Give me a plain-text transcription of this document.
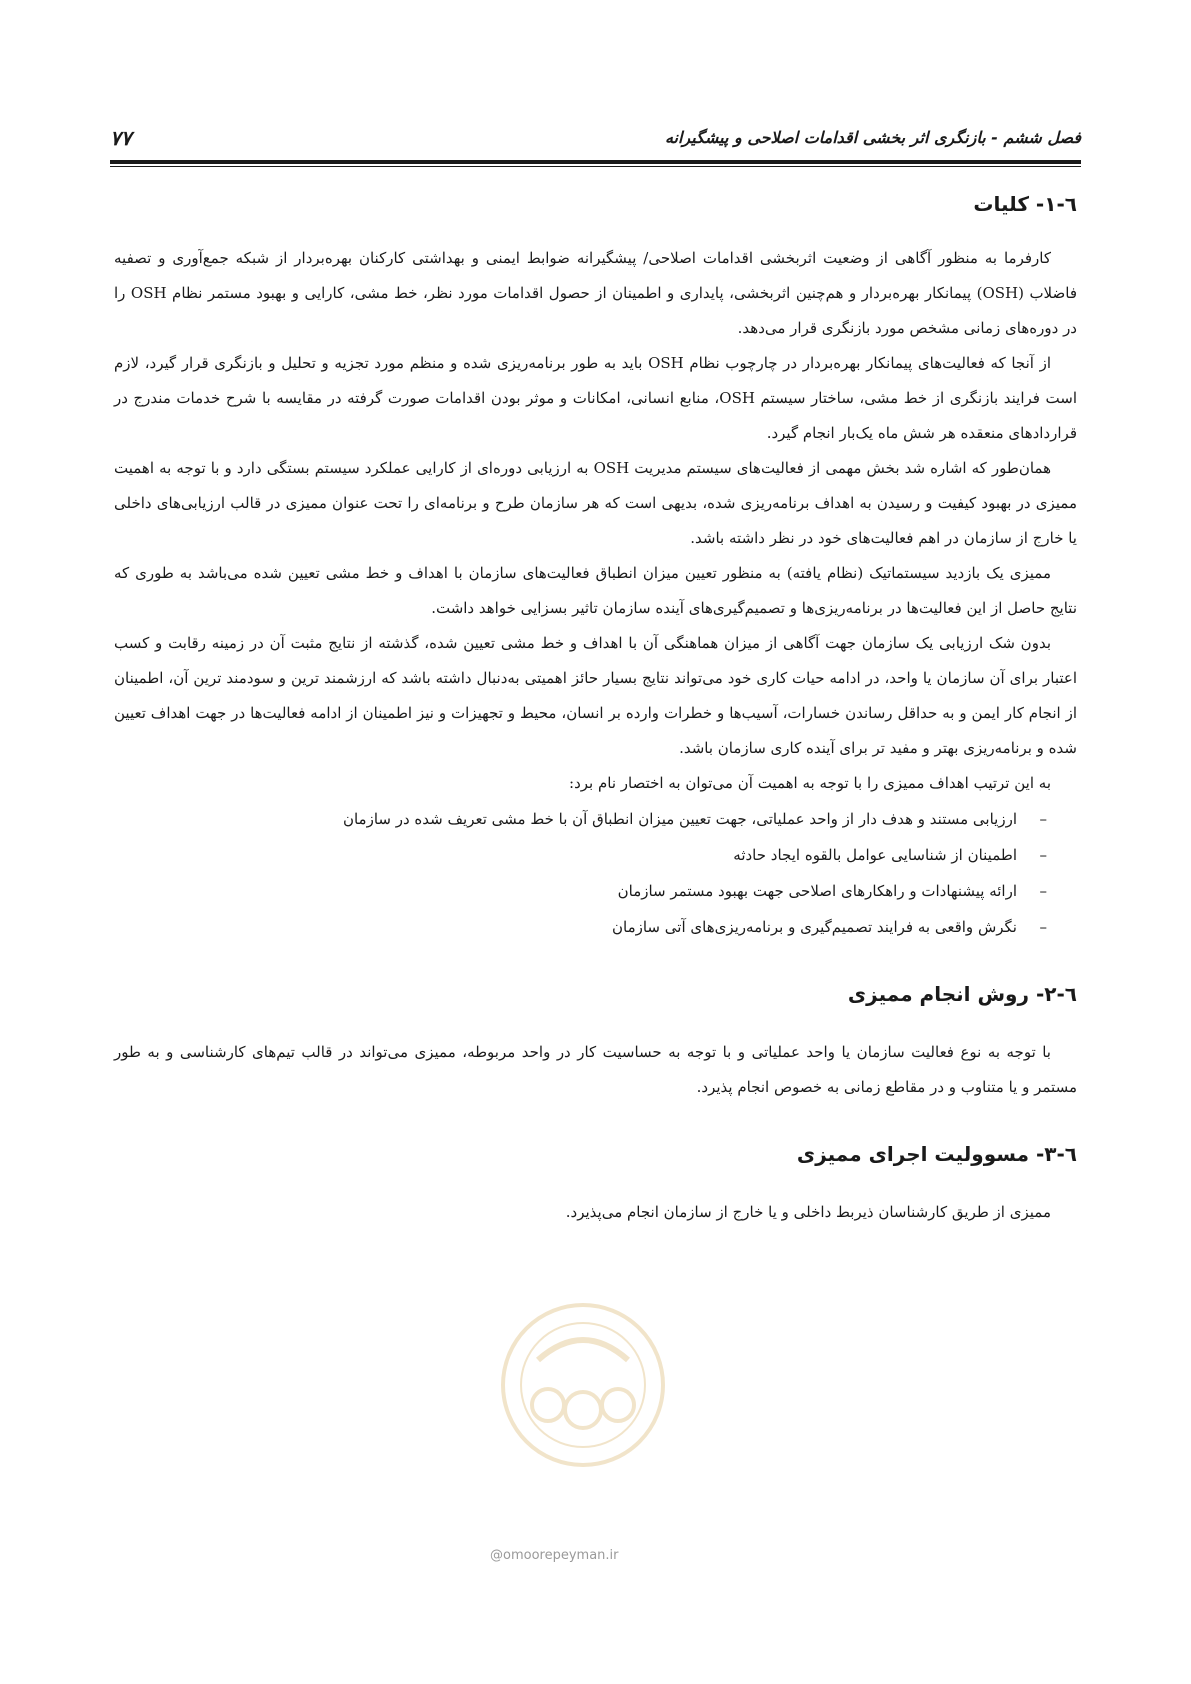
فصل ششم - بازنگری اثر بخشی اقدامات اصلاحی و پیشگیرانه
۷۷
٦-۱- کلیات

کارفرما به منظور آگاهی از وضعیت اثربخشی اقدامات اصلاحی/ پیشگیرانه ضوابط ایمنی و بهداشتی کارکنان بهره‌بردار از شبکه جمع‌آوری و تصفیه فاضلاب (OSH) پیمانکار بهره‌بردار و هم‌چنین اثربخشی، پایداری و اطمینان از حصول اقدامات مورد نظر، خط مشی، کارایی و بهبود مستمر نظام OSH را در دوره‌های زمانی مشخص مورد بازنگری قرار می‌دهد.

از آنجا که فعالیت‌های پیمانکار بهره‌بردار در چارچوب نظام OSH باید به طور برنامه‌ریزی شده و منظم مورد تجزیه و تحلیل و بازنگری قرار گیرد، لازم است فرایند بازنگری از خط مشی، ساختار سیستم OSH، منابع انسانی، امکانات و موثر بودن اقدامات صورت گرفته در مقایسه با شرح خدمات مندرج در قراردادهای منعقده هر شش ماه یک‌بار انجام گیرد.

همان‌طور که اشاره شد بخش مهمی از فعالیت‌های سیستم مدیریت OSH به ارزیابی دوره‌ای از کارایی عملکرد سیستم بستگی دارد و با توجه به اهمیت ممیزی در بهبود کیفیت و رسیدن به اهداف برنامه‌ریزی شده، بدیهی است که هر سازمان طرح و برنامه‌ای را تحت عنوان ممیزی در قالب ارزیابی‌های داخلی یا خارج از سازمان در اهم فعالیت‌های خود در نظر داشته باشد.

ممیزی یک بازدید سیستماتیک (نظام یافته) به منظور تعیین میزان انطباق فعالیت‌های سازمان با اهداف و خط مشی تعیین شده می‌باشد به طوری که نتایج حاصل از این فعالیت‌ها در برنامه‌ریزی‌ها و تصمیم‌گیری‌های آینده سازمان تاثیر بسزایی خواهد داشت.

بدون شک ارزیابی یک سازمان جهت آگاهی از میزان هماهنگی آن با اهداف و خط مشی تعیین شده، گذشته از نتایج مثبت آن در زمینه رقابت و کسب اعتبار برای آن سازمان یا واحد، در ادامه حیات کاری خود می‌تواند نتایج بسیار حائز اهمیتی به‌دنبال داشته باشد که ارزشمند ترین و سودمند ترین آن، اطمینان از انجام کار ایمن و به حداقل رساندن خسارات، آسیب‌ها و خطرات وارده بر انسان، محیط و تجهیزات و نیز اطمینان از ادامه فعالیت‌ها در جهت اهداف تعیین شده و برنامه‌ریزی بهتر و مفید تر برای آینده کاری سازمان باشد.

به این ترتیب اهداف ممیزی را با توجه به اهمیت آن می‌توان به اختصار نام برد:

–
ارزیابی مستند و هدف دار از واحد عملیاتی، جهت تعیین میزان انطباق آن با خط مشی تعریف شده در سازمان
–
اطمینان از شناسایی عوامل بالقوه ایجاد حادثه
–
ارائه پیشنهادات و راهکارهای اصلاحی جهت بهبود مستمر سازمان
–
نگرش واقعی به فرایند تصمیم‌گیری و برنامه‌ریزی‌های آتی سازمان
٦-۲- روش انجام ممیزی

با توجه به نوع فعالیت سازمان یا واحد عملیاتی و با توجه به حساسیت کار در واحد مربوطه، ممیزی می‌تواند در قالب تیم‌های کارشناسی و به طور مستمر و یا متناوب و در مقاطع زمانی به خصوص انجام پذیرد.

٦-۳- مسوولیت اجرای ممیزی

ممیزی از طریق کارشناسان ذیربط داخلی و یا خارج از سازمان انجام می‌پذیرد.

@omoorepeyman.ir
